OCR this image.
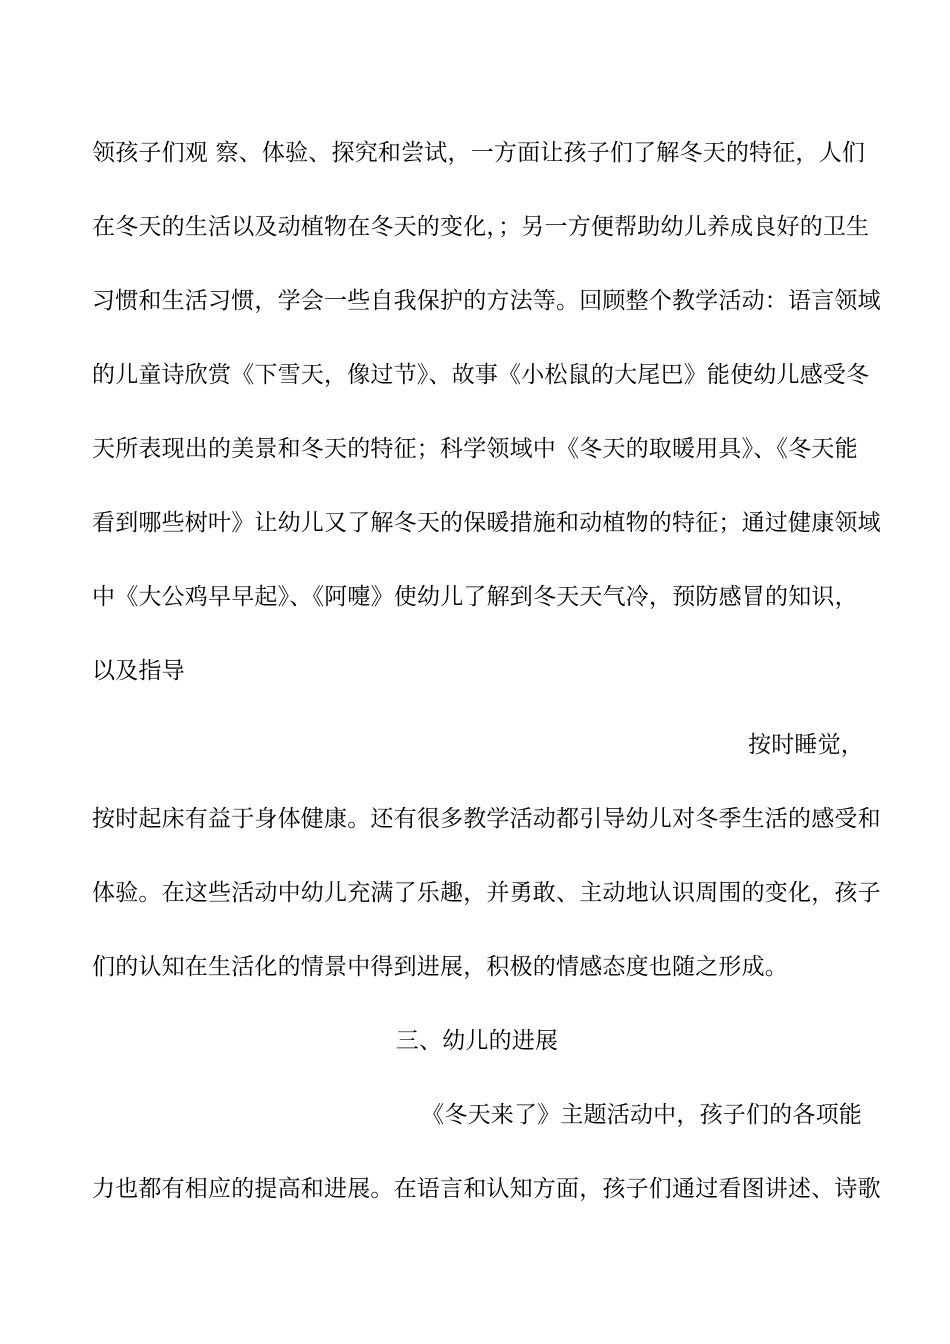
领孩子们观 察、体验、探究和尝试，一方面让孩子们了解冬天的特征，人们
在冬天的生活以及动植物在冬天的变化，；另一方便帮助幼儿养成良好的卫生
习惯和生活习惯，学会一些自我保护的方法等。回顾整个教学活动：语言领域
的儿童诗欣赏《下雪天，像过节》、故事《小松鼠的大尾巴》能使幼儿感受冬
天所表现出的美景和冬天的特征；科学领域中《冬天的取暖用具》、《冬天能
看到哪些树叶》让幼儿又了解冬天的保暖措施和动植物的特征；通过健康领域
中《大公鸡早早起》、《阿嚏》使幼儿了解到冬天天气冷，预防感冒的知识，
以及指导
按时睡觉，
按时起床有益于身体健康。还有很多教学活动都引导幼儿对冬季生活的感受和
体验。在这些活动中幼儿充满了乐趣，并勇敢、主动地认识周围的变化，孩子
们的认知在生活化的情景中得到进展，积极的情感态度也随之形成。
三、幼儿的进展
《冬天来了》主题活动中，孩子们的各项能
力也都有相应的提高和进展。在语言和认知方面，孩子们通过看图讲述、诗歌
